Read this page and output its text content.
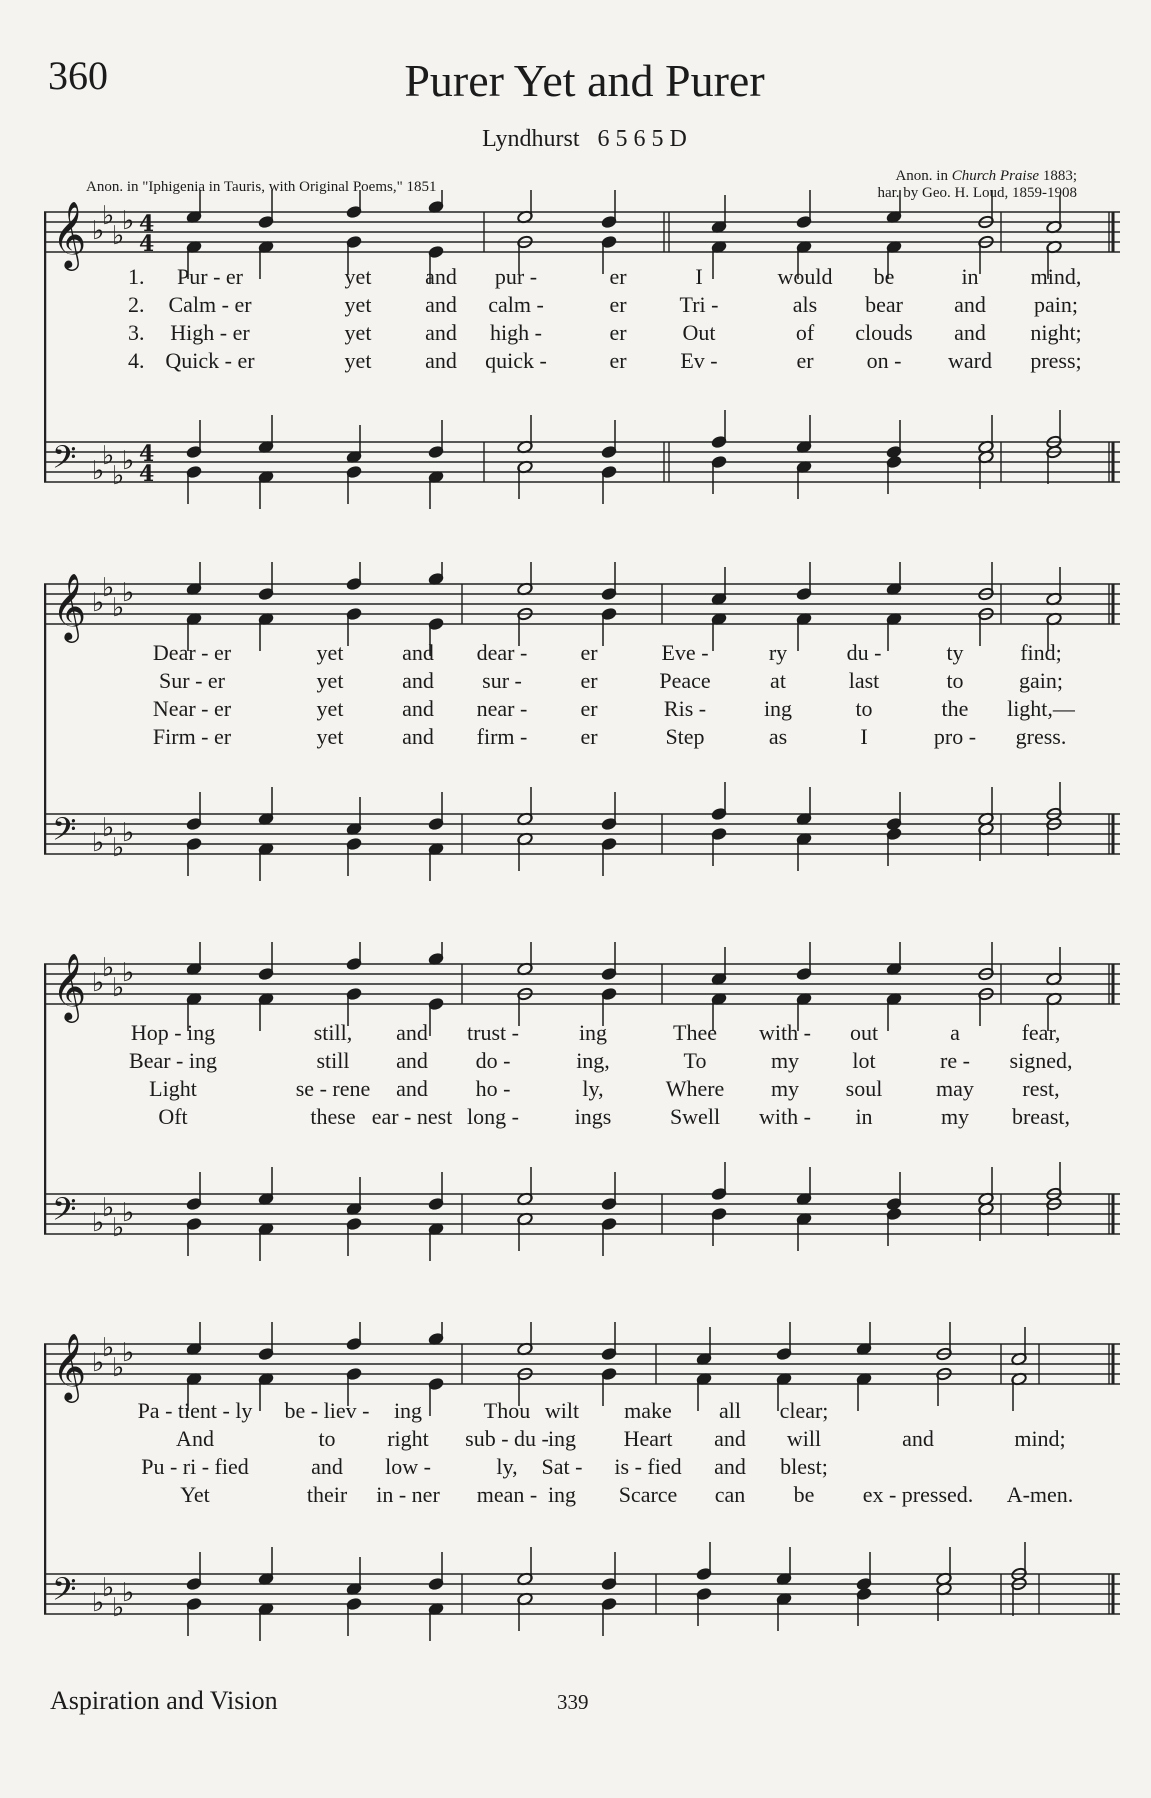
360	Purer Yet and Purer
Lyndhurst 6 5 6 5 D
Anon. in "Iphigenia in Tauris, with Original Poems," 1851
Anon. in Church Praise 1883;
har. by Geo. H. Loud, 1859-1908
𝄞
𝄢
♭
♭
♭
♭
♭
♭
♭
♭
4
4
4
4
𝄞
𝄢
♭
♭
♭
♭
♭
♭
♭
♭
𝄞
𝄢
♭
♭
♭
♭
♭
♭
♭
♭
𝄞
𝄢
♭
♭
♭
♭
♭
♭
♭
♭
1. Pur - er	yet and pur -	er	I	would be	in mind,
2. Calm - er	yet and calm -	er Tri -	als bear and pain;
3. High - er	yet and high -	er	Out	of clouds and night;
4. Quick - er	yet and quick -	er Ev -	er on - ward press;
Dear - er	yet	and dear - er	Eve -	ry	du -	ty	find;
Sur - er	yet	and sur -	er	Peace	at	last	to	gain;
Near - er	yet	and near - er	Ris -	ing	to	the light,—
Firm - er	yet	and firm - er	Step	as	I	pro - gress.
Hop - ing	still, and trust -	ing	Thee with - out	a	fear,
Bear - ing	still and do -	ing,	To	my lot	re - signed,
Light	se - rene and ho -	ly,	Where my soul may rest,
Oft	these ear - nest long -	ings	Swell with - in	my breast,
Pa - tient - ly be - liev - ing	Thou wilt make all clear;
And	to right sub - du - ing Heart and will	and	mind;
Pu - ri - fied	and low -	ly, Sat - is - fied and blest;
Yet	their in - ner mean - ing Scarce can be ex - pressed. A-men.
Aspiration and Vision	339
